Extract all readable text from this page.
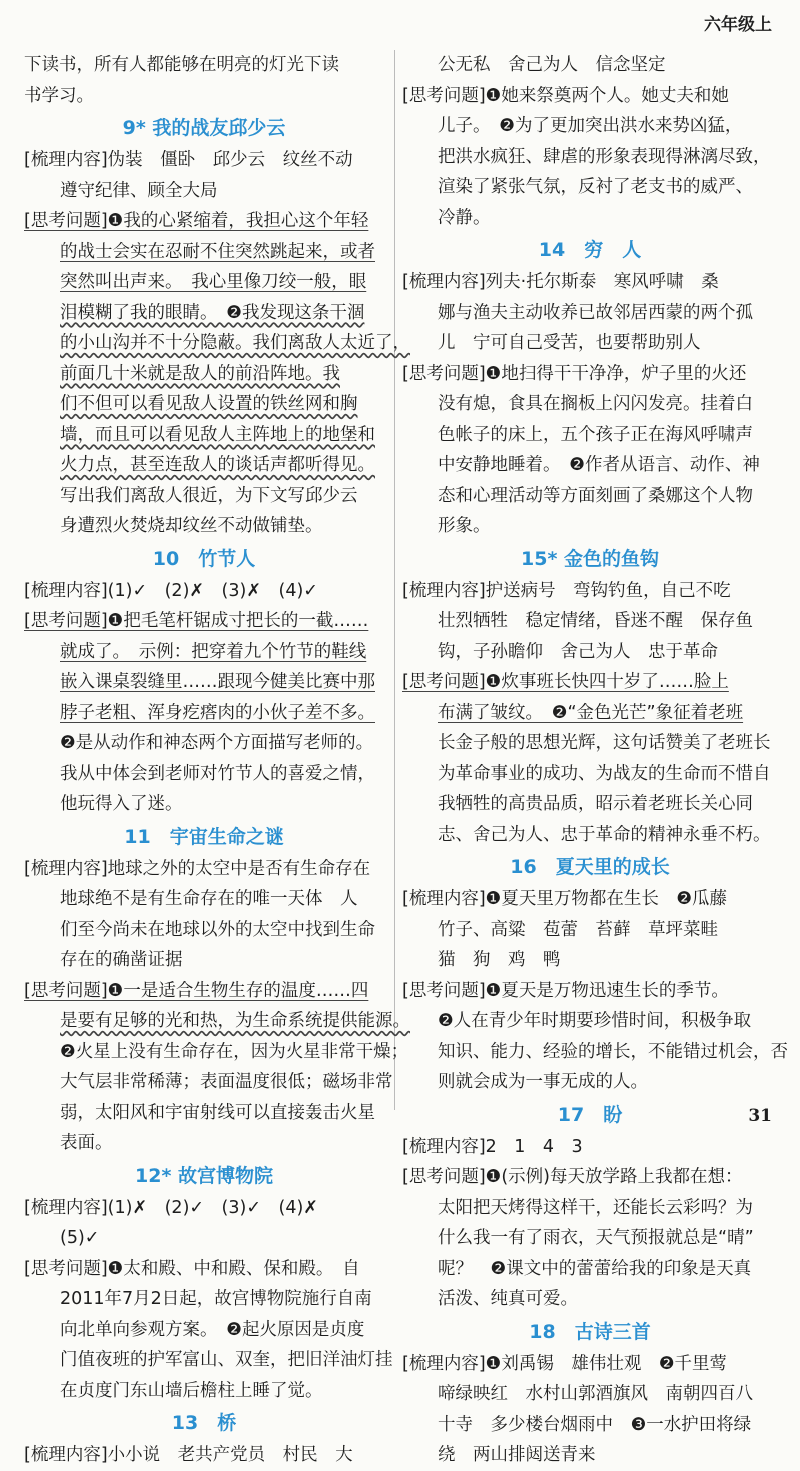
六年级上
下读书，所有人都能够在明亮的灯光下读
书学习。
9* 我的战友邱少云
[梳理内容]伪装　僵卧　邱少云　纹丝不动
遵守纪律、顾全大局
[思考问题]❶我的心紧缩着，我担心这个年轻
的战士会实在忍耐不住突然跳起来，或者
突然叫出声来。　我心里像刀绞一般，眼
泪模糊了我的眼睛。　❷我发现这条干涸
的小山沟并不十分隐蔽。我们离敌人太近了，
前面几十米就是敌人的前沿阵地。我
们不但可以看见敌人设置的铁丝网和胸
墙，而且可以看见敌人主阵地上的地堡和
火力点，甚至连敌人的谈话声都听得见。
写出我们离敌人很近，为下文写邱少云
身遭烈火焚烧却纹丝不动做铺垫。
10　竹节人
[梳理内容](1)✓　(2)✗　(3)✗　(4)✓
[思考问题]❶把毛笔杆锯成寸把长的一截……
就成了。　示例：把穿着九个竹节的鞋线
嵌入课桌裂缝里……跟现今健美比赛中那
脖子老粗、浑身疙瘩肉的小伙子差不多。
❷是从动作和神态两个方面描写老师的。
我从中体会到老师对竹节人的喜爱之情，
他玩得入了迷。
11　宇宙生命之谜
[梳理内容]地球之外的太空中是否有生命存在
地球绝不是有生命存在的唯一天体　人
们至今尚未在地球以外的太空中找到生命
存在的确凿证据
[思考问题]❶一是适合生物生存的温度……四
是要有足够的光和热，为生命系统提供能源。
❷火星上没有生命存在，因为火星非常干燥；
大气层非常稀薄；表面温度很低；磁场非常
弱，太阳风和宇宙射线可以直接轰击火星
表面。
12* 故宫博物院
[梳理内容](1)✗　(2)✓　(3)✓　(4)✗
(5)✓
[思考问题]❶太和殿、中和殿、保和殿。　自
2011年7月2日起，故宫博物院施行自南
向北单向参观方案。　❷起火原因是贞度
门值夜班的护军富山、双奎，把旧洋油灯挂
在贞度门东山墙后檐柱上睡了觉。
13　桥
[梳理内容]小小说　老共产党员　村民　大
公无私　舍己为人　信念坚定
[思考问题]❶她来祭奠两个人。她丈夫和她
儿子。　❷为了更加突出洪水来势凶猛，
把洪水疯狂、肆虐的形象表现得淋漓尽致，
渲染了紧张气氛，反衬了老支书的威严、
冷静。
14　穷　人
[梳理内容]列夫·托尔斯泰　寒风呼啸　桑
娜与渔夫主动收养已故邻居西蒙的两个孤
儿　宁可自己受苦，也要帮助别人
[思考问题]❶地扫得干干净净，炉子里的火还
没有熄，食具在搁板上闪闪发亮。挂着白
色帐子的床上，五个孩子正在海风呼啸声
中安静地睡着。　❷作者从语言、动作、神
态和心理活动等方面刻画了桑娜这个人物
形象。
15* 金色的鱼钩
[梳理内容]护送病号　弯钩钓鱼，自己不吃
壮烈牺牲　稳定情绪，昏迷不醒　保存鱼
钩，子孙瞻仰　舍己为人　忠于革命
[思考问题]❶炊事班长快四十岁了……脸上
布满了皱纹。　❷“金色光芒”象征着老班
长金子般的思想光辉，这句话赞美了老班长
为革命事业的成功、为战友的生命而不惜自
我牺牲的高贵品质，昭示着老班长关心同
志、舍己为人、忠于革命的精神永垂不朽。
16　夏天里的成长
[梳理内容]❶夏天里万物都在生长　❷瓜藤
竹子、高粱　苞蕾　苔藓　草坪菜畦
猫　狗　鸡　鸭
[思考问题]❶夏天是万物迅速生长的季节。
❷人在青少年时期要珍惜时间，积极争取
知识、能力、经验的增长，不能错过机会，否
则就会成为一事无成的人。
17　盼
[梳理内容]2　1　4　3
[思考问题]❶(示例)每天放学路上我都在想：
太阳把天烤得这样干，还能长云彩吗？为
什么我一有了雨衣，天气预报就总是“晴”
呢？　❷课文中的蕾蕾给我的印象是天真
活泼、纯真可爱。
18　古诗三首
[梳理内容]❶刘禹锡　雄伟壮观　❷千里莺
啼绿映红　水村山郭酒旗风　南朝四百八
十寺　多少楼台烟雨中　❸一水护田将绿
绕　两山排闼送青来
31
